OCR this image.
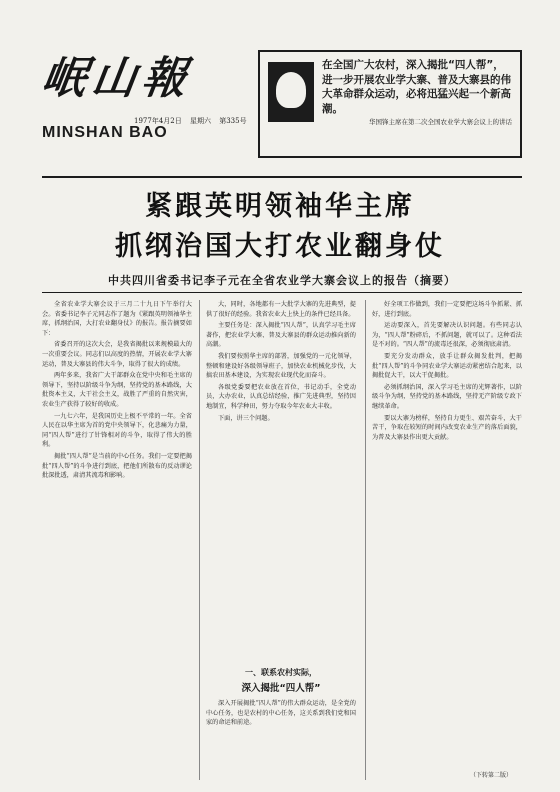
岷山報
1977年4月2日 星期六 第335号
MINSHAN BAO
在全国广大农村，深入揭批“四人帮”，进一步开展农业学大寨、普及大寨县的伟大革命群众运动，必将迅猛兴起一个新高潮。
华国锋主席在第二次全国农业学大寨会议上的讲话
紧跟英明领袖华主席
抓纲治国大打农业翻身仗
中共四川省委书记李子元在全省农业学大寨会议上的报告（摘要）

全省农业学大寨会议于三月二十九日下午举行大会。省委书记李子元同志作了题为《紧跟英明领袖华主席，抓纲治国，大打农业翻身仗》的报告。报告摘要如下：

省委召开的这次大会，是我省揭批以来规模最大的一次重要会议。同志们以高度的热情，开展农业学大寨运动，普及大寨县的伟大斗争，取得了很大的成绩。

两年多来，我省广大干部群众在党中央和毛主席的领导下，坚持以阶级斗争为纲，坚持党的基本路线，大批资本主义，大干社会主义，战胜了严重的自然灾害，农业生产获得了较好的收成。

一九七六年，是我国历史上极不平常的一年。全省人民在以华主席为首的党中央领导下，化悲痛为力量，同“四人帮”进行了针锋相对的斗争，取得了伟大的胜利。

揭批“四人帮”是当前的中心任务。我们一定要把揭批“四人帮”的斗争进行到底，把他们所散布的反动谬论批深批透，肃清其流毒和影响。

大，同时，各地都有一大批学大寨的先进典型，提供了很好的经验。我省农业大上快上的条件已经具备。

主要任务是：深入揭批“四人帮”，认真学习毛主席著作，把农业学大寨、普及大寨县的群众运动推向新的高潮。

我们要按照华主席的部署，加强党的一元化领导，整顿和建设好各级领导班子，加快农业机械化步伐，大搞农田基本建设，为实现农业现代化而奋斗。

各级党委要把农业放在首位，书记动手，全党动员，大办农业，认真总结经验，推广先进典型，坚持因地制宜，科学种田，努力夺取今年农业大丰收。

下面，讲三个问题。

一、联系农村实际，
深入揭批“四人帮”
深入开展揭批“四人帮”的伟大群众运动，是全党的中心任务，也是农村的中心任务，这关系到我们党和国家的命运和前途。

好全项工作做到，我们一定要把这场斗争抓紧、抓好，进行到底。

运动要深入，首先要解决认识问题。有些同志认为，“四人帮”粉碎后，不抓问题，就可以了。这种看法是不对的。“四人帮”的流毒还很深，必须彻底肃清。

要充分发动群众，放手让群众揭发批判，把揭批“四人帮”的斗争同农业学大寨运动紧密结合起来，以揭批促大干，以大干促揭批。

必须抓纲治国，深入学习毛主席的光辉著作，以阶级斗争为纲，坚持党的基本路线，坚持无产阶级专政下继续革命。

要以大寨为榜样，坚持自力更生、艰苦奋斗，大干苦干，争取在较短的时间内改变农业生产的落后面貌，为普及大寨县作出更大贡献。

（下转第二版）
